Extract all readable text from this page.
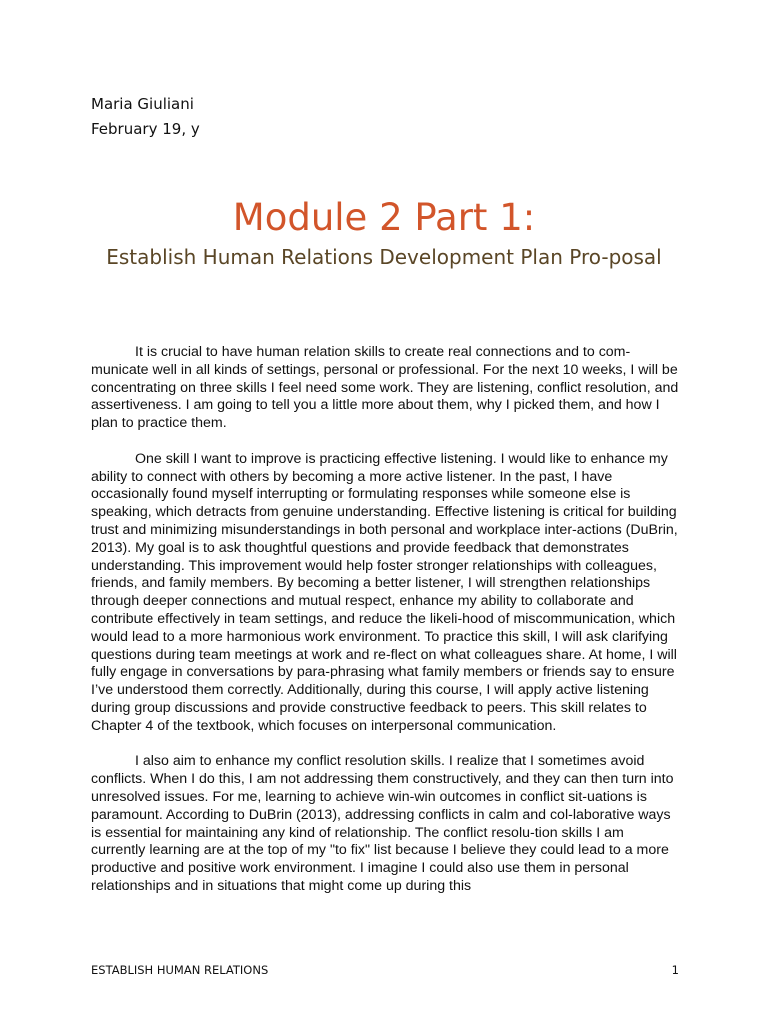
Maria Giuliani
February 19, y
Module 2 Part 1:
Establish Human Relations Development Plan Pro-posal

It is crucial to have human relation skills to create real connections and to com-municate well in all kinds of settings, personal or professional. For the next 10 weeks, I will be concentrating on three skills I feel need some work. They are listening, conflict resolution, and assertiveness. I am going to tell you a little more about them, why I picked them, and how I plan to practice them.

One skill I want to improve is practicing effective listening. I would like to enhance my ability to connect with others by becoming a more active listener. In the past, I have occasionally found myself interrupting or formulating responses while someone else is speaking, which detracts from genuine understanding. Effective listening is critical for building trust and minimizing misunderstandings in both personal and workplace inter-actions (DuBrin, 2013). My goal is to ask thoughtful questions and provide feedback that demonstrates understanding. This improvement would help foster stronger relationships with colleagues, friends, and family members. By becoming a better listener, I will strengthen relationships through deeper connections and mutual respect, enhance my ability to collaborate and contribute effectively in team settings, and reduce the likeli-hood of miscommunication, which would lead to a more harmonious work environment. To practice this skill, I will ask clarifying questions during team meetings at work and re-flect on what colleagues share. At home, I will fully engage in conversations by para-phrasing what family members or friends say to ensure I’ve understood them correctly. Additionally, during this course, I will apply active listening during group discussions and provide constructive feedback to peers. This skill relates to Chapter 4 of the textbook, which focuses on interpersonal communication.

I also aim to enhance my conflict resolution skills. I realize that I sometimes avoid conflicts. When I do this, I am not addressing them constructively, and they can then turn into unresolved issues. For me, learning to achieve win-win outcomes in conflict sit-uations is paramount. According to DuBrin (2013), addressing conflicts in calm and col-laborative ways is essential for maintaining any kind of relationship. The conflict resolu-tion skills I am currently learning are at the top of my "to fix" list because I believe they could lead to a more productive and positive work environment. I imagine I could also use them in personal relationships and in situations that might come up during this

ESTABLISH HUMAN RELATIONS	1
